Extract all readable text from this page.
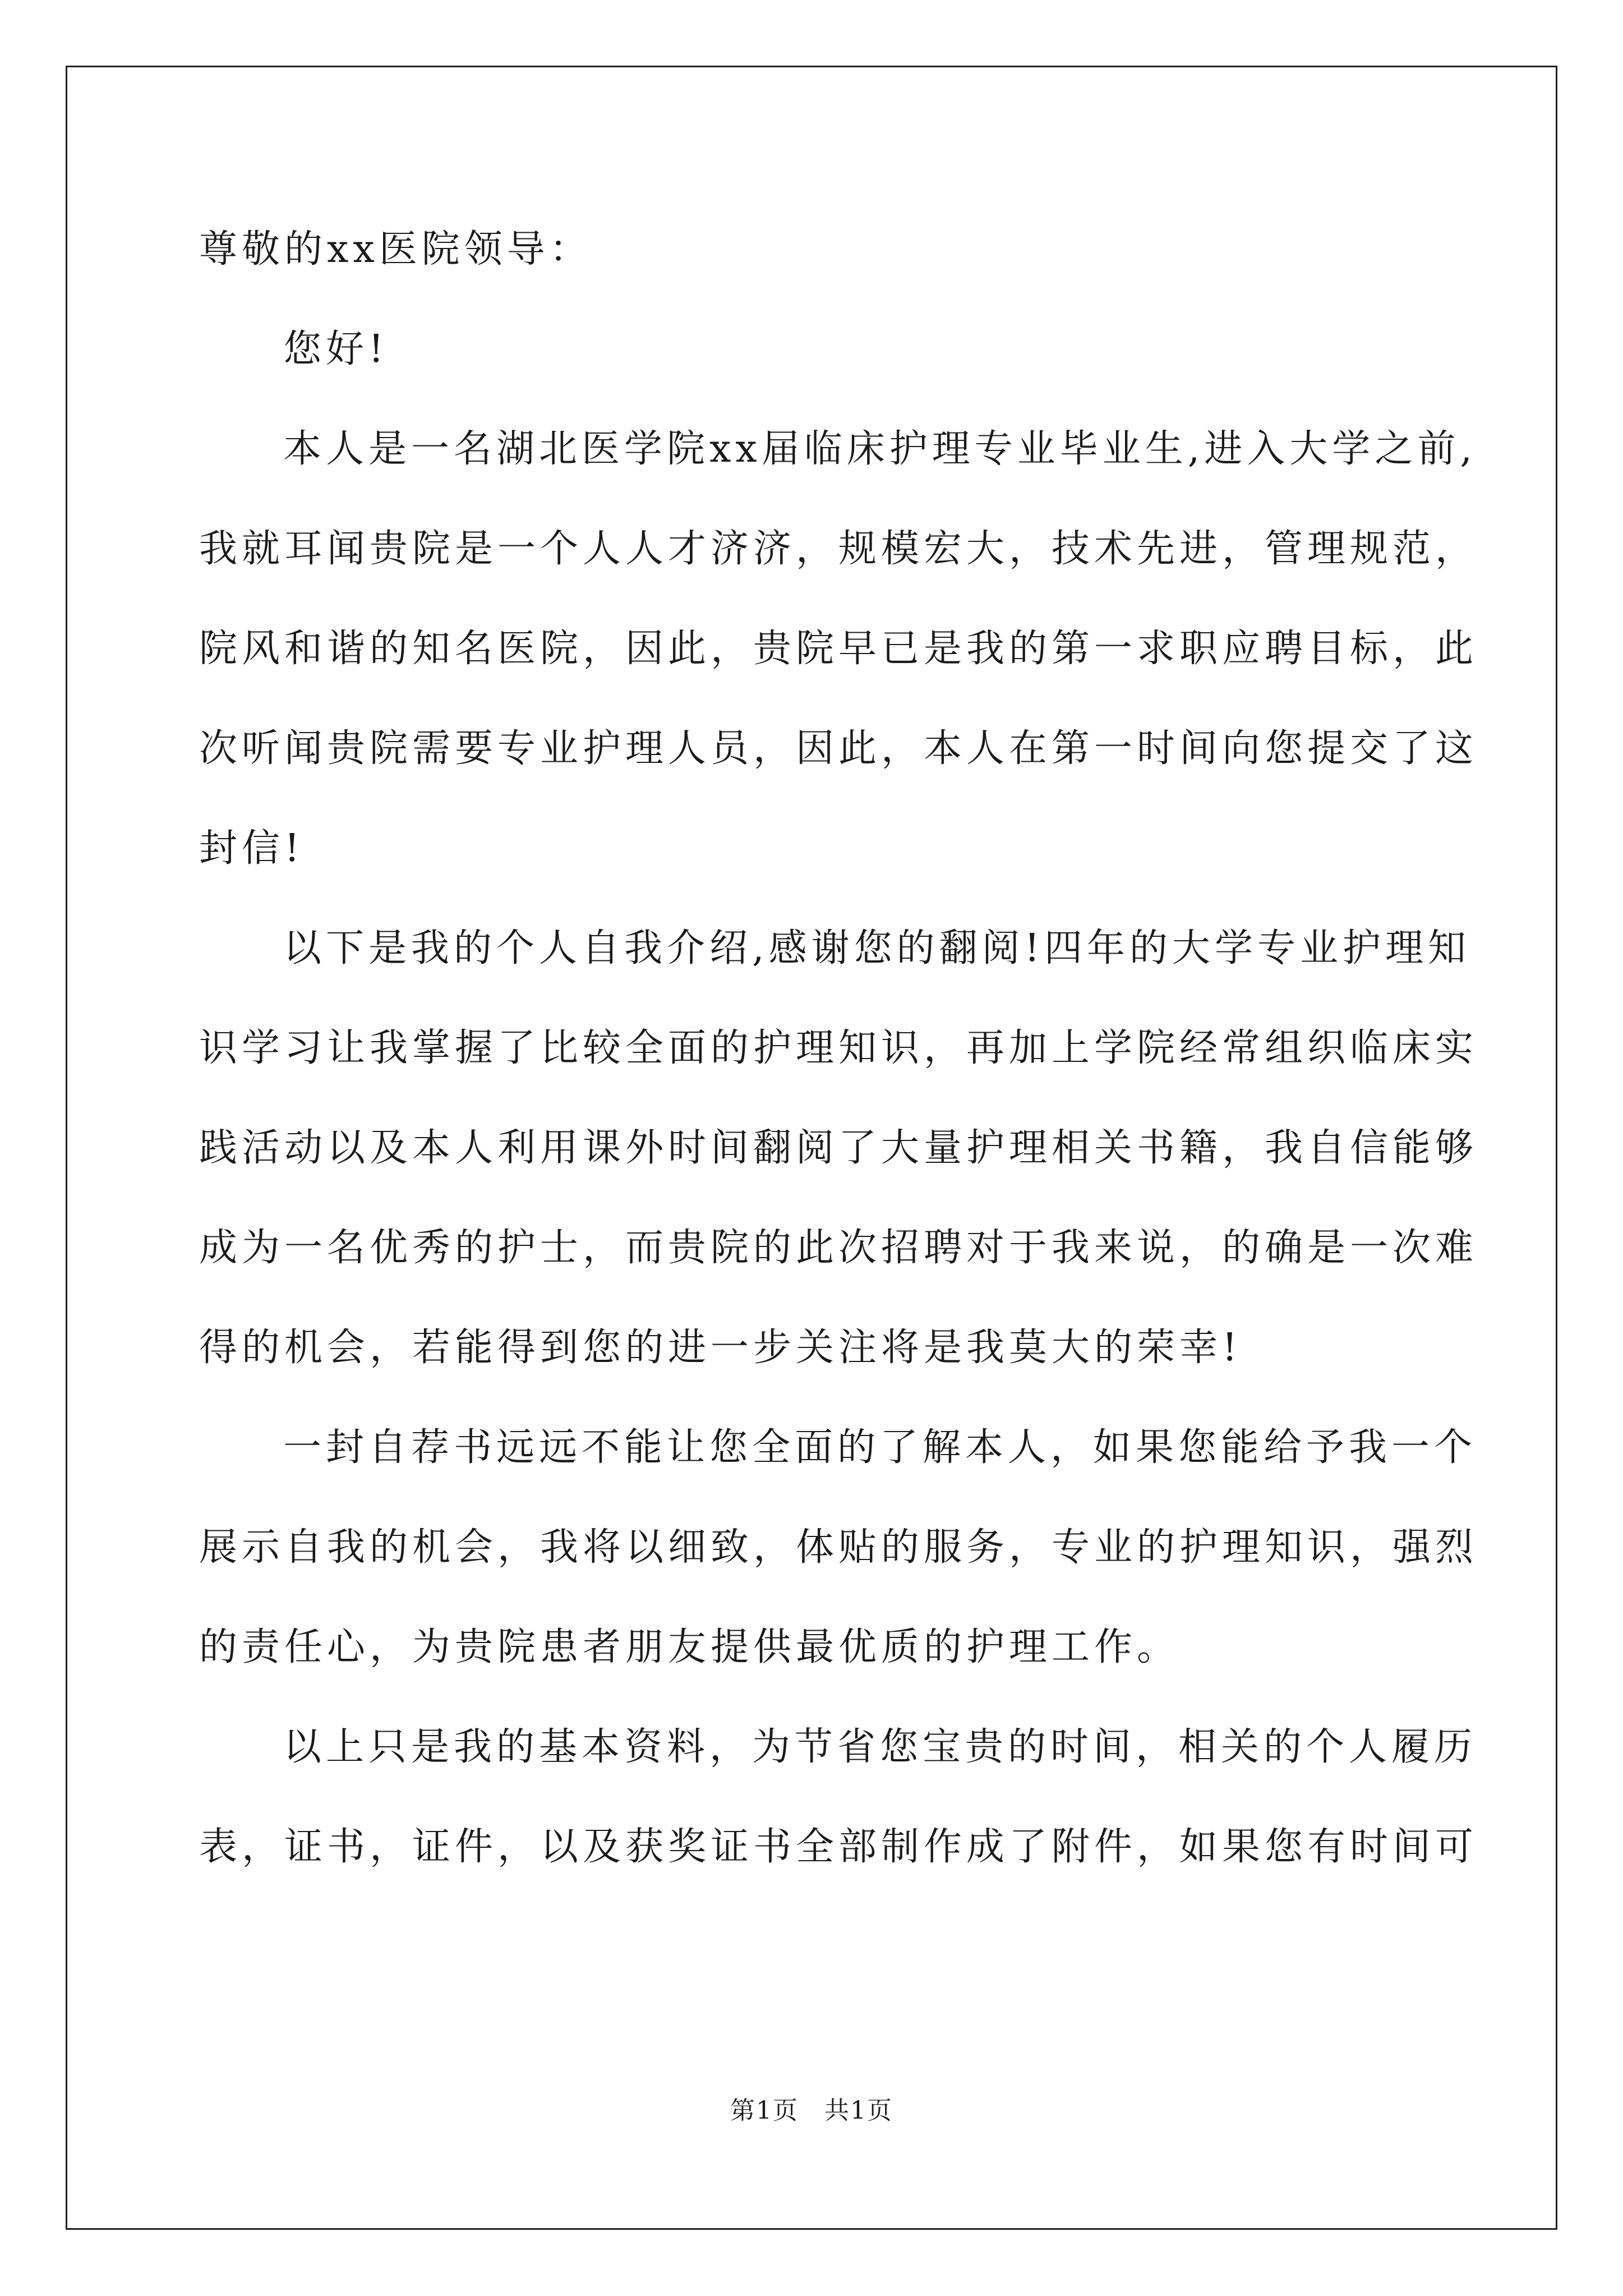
尊敬的xx医院领导：
您好!
本人是一名湖北医学院xx届临床护理专业毕业生,进入大学之前,
我就耳闻贵院是一个人人才济济，规模宏大，技术先进，管理规范，
院风和谐的知名医院，因此，贵院早已是我的第一求职应聘目标，此
次听闻贵院需要专业护理人员，因此，本人在第一时间向您提交了这
封信!
以下是我的个人自我介绍,感谢您的翻阅!四年的大学专业护理知
识学习让我掌握了比较全面的护理知识，再加上学院经常组织临床实
践活动以及本人利用课外时间翻阅了大量护理相关书籍，我自信能够
成为一名优秀的护士，而贵院的此次招聘对于我来说，的确是一次难
得的机会，若能得到您的进一步关注将是我莫大的荣幸!
一封自荐书远远不能让您全面的了解本人，如果您能给予我一个
展示自我的机会，我将以细致，体贴的服务，专业的护理知识，强烈
的责任心，为贵院患者朋友提供最优质的护理工作。
以上只是我的基本资料，为节省您宝贵的时间，相关的个人履历
表，证书，证件，以及获奖证书全部制作成了附件，如果您有时间可
第1页　共1页
